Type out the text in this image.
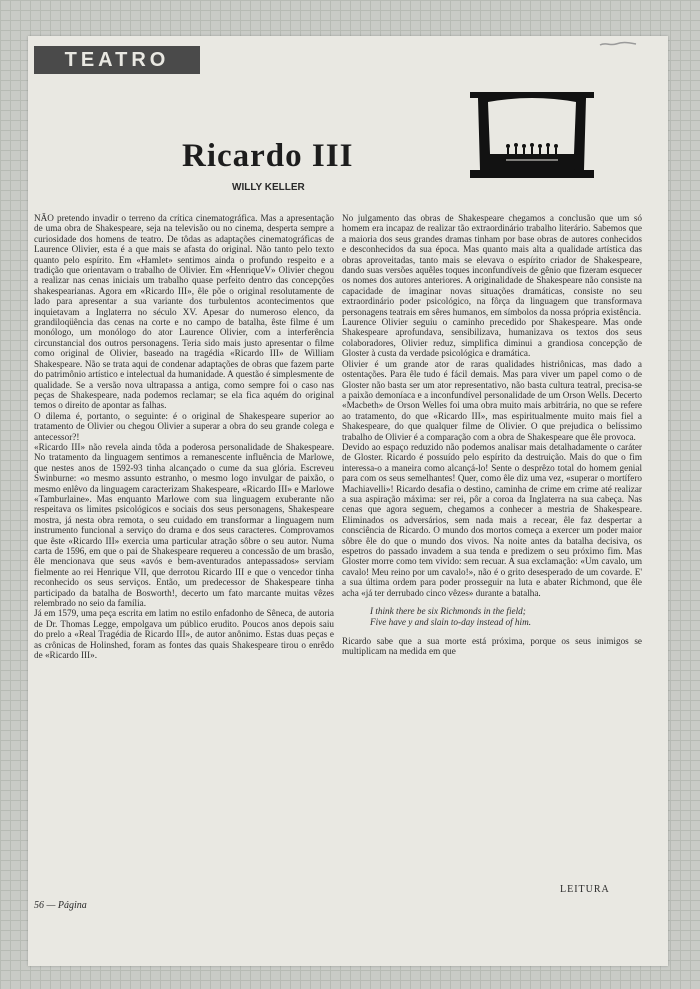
TEATRO
Ricardo III
WILLY KELLER

NÃO pretendo invadir o terreno da crítica cinematográfica. Mas a apresentação de uma obra de Shakespeare, seja na televisão ou no cinema, desperta sempre a curiosidade dos homens de teatro. De tôdas as adaptações cinematográficas de Laurence Olivier, esta é a que mais se afasta do original. Não tanto pelo texto quanto pelo espírito. Em «Hamlet» sentimos ainda o profundo respeito e a tradição que orientavam o trabalho de Olivier. Em «HenriqueV» Olivier chegou a realizar nas cenas iniciais um trabalho quase perfeito dentro das concepções shakespearianas. Agora em «Ricardo III», êle põe o original resolutamente de lado para apresentar a sua variante dos turbulentos acontecimentos que inquietavam a Inglaterra no século XV. Apesar do numeroso elenco, da grandiloqüência das cenas na corte e no campo de batalha, êste filme é um monólogo, um monólogo do ator Laurence Olivier, com a interferência circunstancial dos outros personagens. Teria sido mais justo apresentar o filme como original de Olivier, baseado na tragédia «Ricardo III» de William Shakespeare. Não se trata aqui de condenar adaptações de obras que fazem parte do patrimônio artístico e intelectual da humanidade. A questão é simplesmente de qualidade. Se a versão nova ultrapassa a antiga, como sempre foi o caso nas peças de Shakespeare, nada podemos reclamar; se ela fica aquém do original temos o direito de apontar as falhas.

O dilema é, portanto, o seguinte: é o original de Shakespeare superior ao tratamento de Olivier ou chegou Olivier a superar a obra do seu grande colega e antecessor?!

«Ricardo III» não revela ainda tôda a poderosa personalidade de Shakespeare. No tratamento da linguagem sentimos a remanescente influência de Marlowe, que nestes anos de 1592-93 tinha alcançado o cume da sua glória. Escreveu Swinburne: «o mesmo assunto estranho, o mesmo logo invulgar de paixão, o mesmo enlêvo da linguagem caracterizam Shakespeare, «Ricardo III» e Marlowe «Tamburlaine». Mas enquanto Marlowe com sua linguagem exuberante não respeitava os limites psicológicos e sociais dos seus personagens, Shakespeare mostra, já nesta obra remota, o seu cuidado em transformar a linguagem num instrumento funcional a serviço do drama e dos seus caracteres. Comprovamos que êste «Ricardo III» exercia uma particular atração sôbre o seu autor. Numa carta de 1596, em que o pai de Shakespeare requereu a concessão de um brasão, êle mencionava que seus «avós e bem-aventurados antepassados» serviam fielmente ao rei Henrique VII, que derrotou Ricardo III e que o vencedor tinha reconhecido os seus serviços. Então, um predecessor de Shakespeare tinha participado da batalha de Bosworth!, decerto um fato marcante muitas vêzes relembrado no seio da família.

Já em 1579, uma peça escrita em latim no estilo enfadonho de Sêneca, de autoria de Dr. Thomas Legge, empolgava um público erudito. Poucos anos depois saiu do prelo a «Real Tragédia de Ricardo III», de autor anônimo. Estas duas peças e as crônicas de Holinshed, foram as fontes das quais Shakespeare tirou o enrêdo de «Ricardo III».

No julgamento das obras de Shakespeare chegamos a conclusão que um só homem era incapaz de realizar tão extraordinário trabalho literário. Sabemos que a maioria dos seus grandes dramas tinham por base obras de autores conhecidos e desconhecidos da sua época. Mas quanto mais alta a qualidade artística das obras aproveitadas, tanto mais se elevava o espírito criador de Shakespeare, dando suas versões aquêles toques inconfundíveis de gênio que fizeram esquecer os nomes dos autores anteriores. A originalidade de Shakespeare não consiste na capacidade de imaginar novas situações dramáticas, consiste no seu extraordinário poder psicológico, na fôrça da linguagem que transformava personagens teatrais em sêres humanos, em símbolos da nossa própria existência.

Laurence Olivier seguiu o caminho precedido por Shakespeare. Mas onde Shakespeare aprofundava, sensibilizava, humanizava os textos dos seus colaboradores, Olivier reduz, simplifica diminui a grandiosa concepção de Gloster à custa da verdade psicológica e dramática.

Olivier é um grande ator de raras qualidades histriônicas, mas dado a ostentações. Para êle tudo é fácil demais. Mas para viver um papel como o de Gloster não basta ser um ator representativo, não basta cultura teatral, precisa-se a paixão demoníaca e a inconfundível personalidade de um Orson Wells. Decerto «Macbeth» de Orson Welles foi uma obra muito mais arbitrária, no que se refere ao tratamento, do que «Ricardo III», mas espiritualmente muito mais fiel a Shakespeare, do que qualquer filme de Olivier. O que prejudica o belíssimo trabalho de Olivier é a comparação com a obra de Shakespeare que êle provoca.

Devido ao espaço reduzido não podemos analisar mais detalhadamente o caráter de Gloster. Ricardo é possuído pelo espírito da destruição. Mais do que o fim interessa-o a maneira como alcançá-lo! Sente o desprêzo total do homem genial para com os seus semelhantes! Quer, como êle diz uma vez, «superar o mortífero Machiavelli»! Ricardo desafia o destino, caminha de crime em crime até realizar a sua aspiração máxima: ser rei, pôr a coroa da Inglaterra na sua cabeça. Nas cenas que agora seguem, chegamos a conhecer a mestria de Shakespeare. Eliminados os adversários, sem nada mais a recear, êle faz despertar a consciência de Ricardo. O mundo dos mortos começa a exercer um poder maior sôbre êle do que o mundo dos vivos. Na noite antes da batalha decisiva, os espetros do passado invadem a sua tenda e predizem o seu próximo fim. Mas Gloster morre como tem vivido: sem recuar. A sua exclamação: «Um cavalo, um cavalo! Meu reino por um cavalo!», não é o grito desesperado de um covarde. E' a sua última ordem para poder prosseguir na luta e abater Richmond, que êle acha «já ter derrubado cinco vêzes» durante a batalha.

I think there be six Richmonds in the field;
Five have y and slain to-day instead of him.

Ricardo sabe que a sua morte está próxima, porque os seus inimigos se multiplicam na medida em que

56 — Página
LEITURA
